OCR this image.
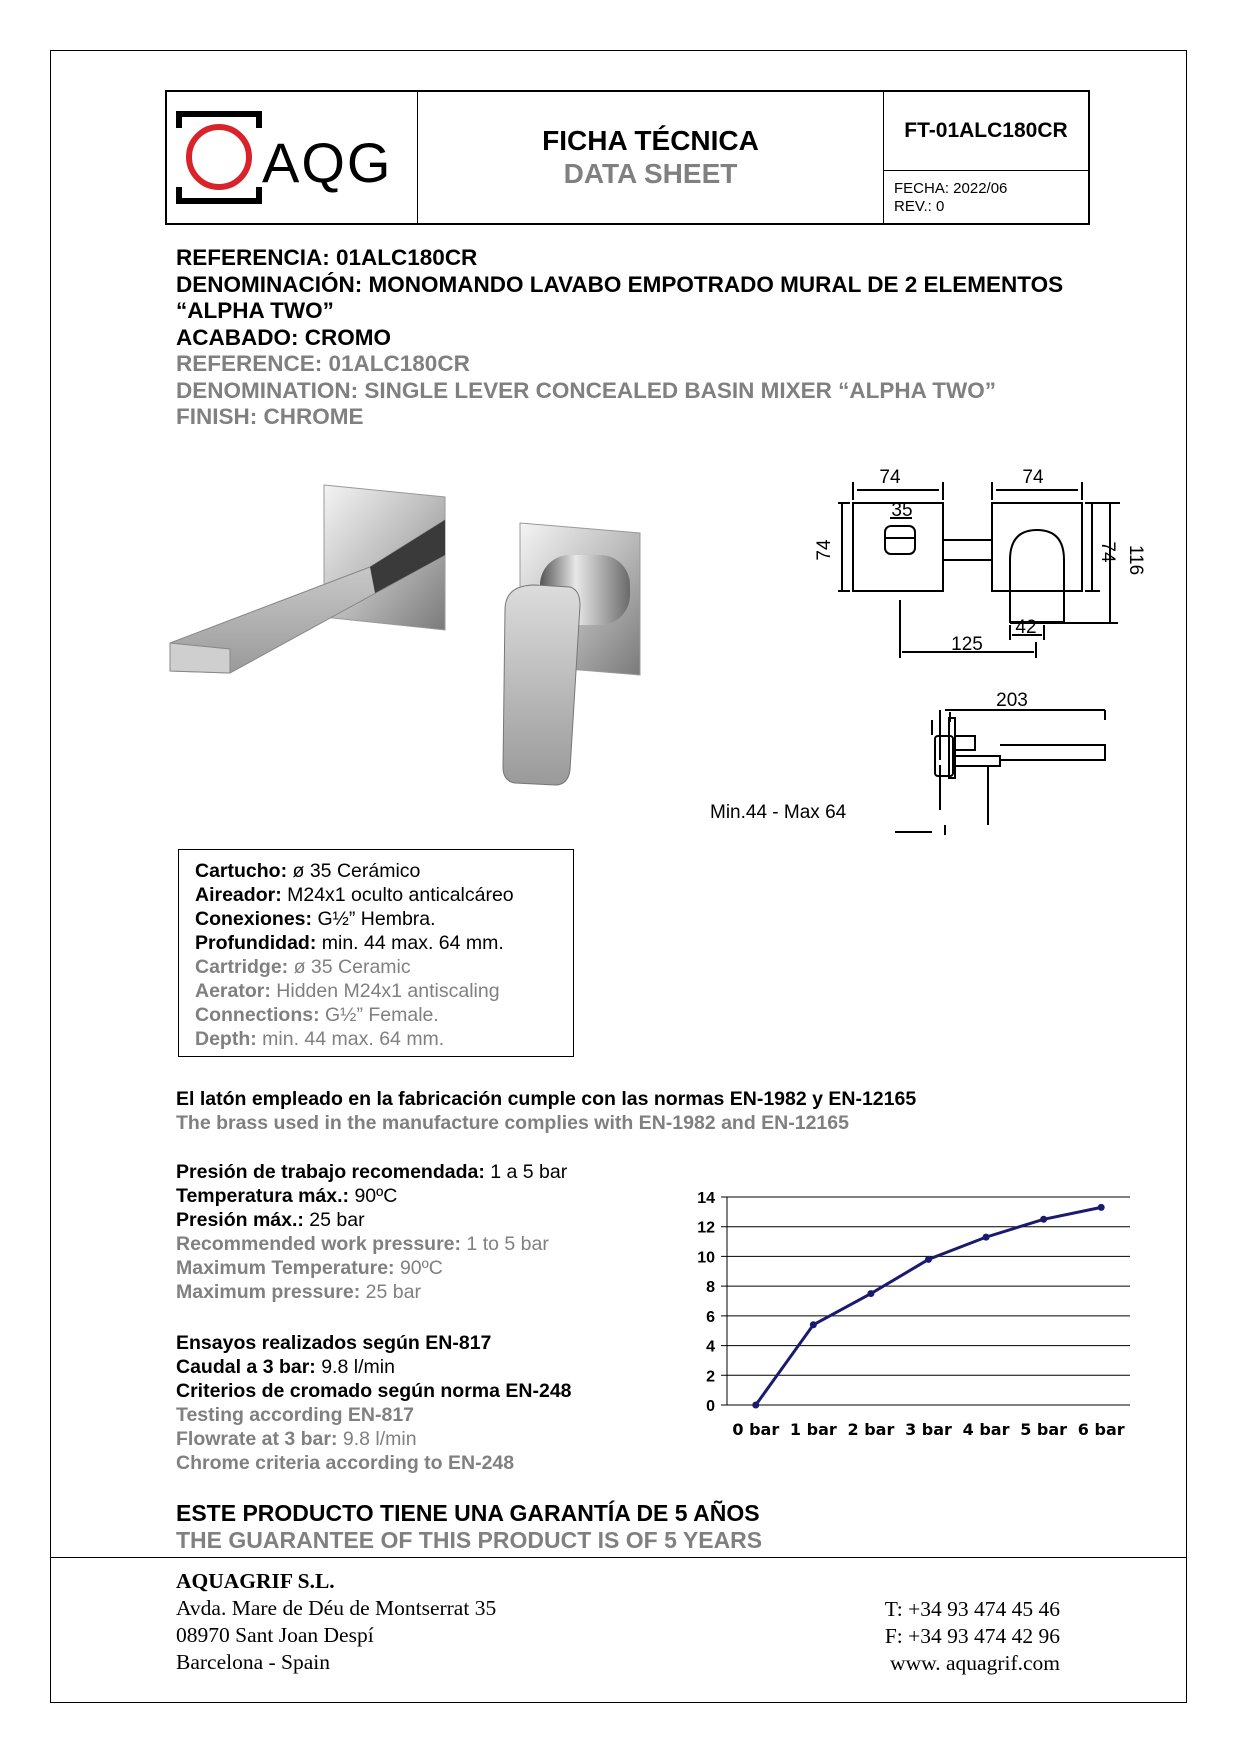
AQG	FICHA TÉCNICA
DATA SHEET
FT-01ALC180CR
FECHA: 2022/06
REV.: 0
REFERENCIA: 01ALC180CR
DENOMINACIÓN: MONOMANDO LAVABO EMPOTRADO MURAL DE 2 ELEMENTOS
“ALPHA TWO”
ACABADO: CROMO
REFERENCE: 01ALC180CR
DENOMINATION: SINGLE LEVER CONCEALED BASIN MIXER “ALPHA TWO”
FINISH: CHROME
74	74
35
74	74 116
42
125
203
Min.44 - Max 64
Cartucho: ø 35 Cerámico
Aireador: M24x1 oculto anticalcáreo
Conexiones: G½” Hembra.
Profundidad: min. 44 max. 64 mm.
Cartridge: ø 35 Ceramic
Aerator: Hidden M24x1 antiscaling
Connections: G½” Female.
Depth: min. 44 max. 64 mm.
El latón empleado en la fabricación cumple con las normas EN-1982 y EN-12165
The brass used in the manufacture complies with EN-1982 and EN-12165
Presión de trabajo recomendada: 1 a 5 bar
Temperatura máx.: 90ºC
Presión máx.: 25 bar
Recommended work pressure: 1 to 5 bar
Maximum Temperature: 90ºC
Maximum pressure: 25 bar
Ensayos realizados según EN-817
Caudal a 3 bar: 9.8 l/min
Criterios de cromado según norma EN-248
Testing according EN-817
Flowrate at 3 bar: 9.8 l/min
Chrome criteria according to EN-248
0
2
4
6
8
10
12
14
0 bar 1 bar 2 bar 3 bar 4 bar 5 bar 6 bar
ESTE PRODUCTO TIENE UNA GARANTÍA DE 5 AÑOS
THE GUARANTEE OF THIS PRODUCT IS OF 5 YEARS
AQUAGRIF S.L.
Avda. Mare de Déu de Montserrat 35
08970 Sant Joan Despí
Barcelona - Spain
T: +34 93 474 45 46
F: +34 93 474 42 96
www. aquagrif.com
